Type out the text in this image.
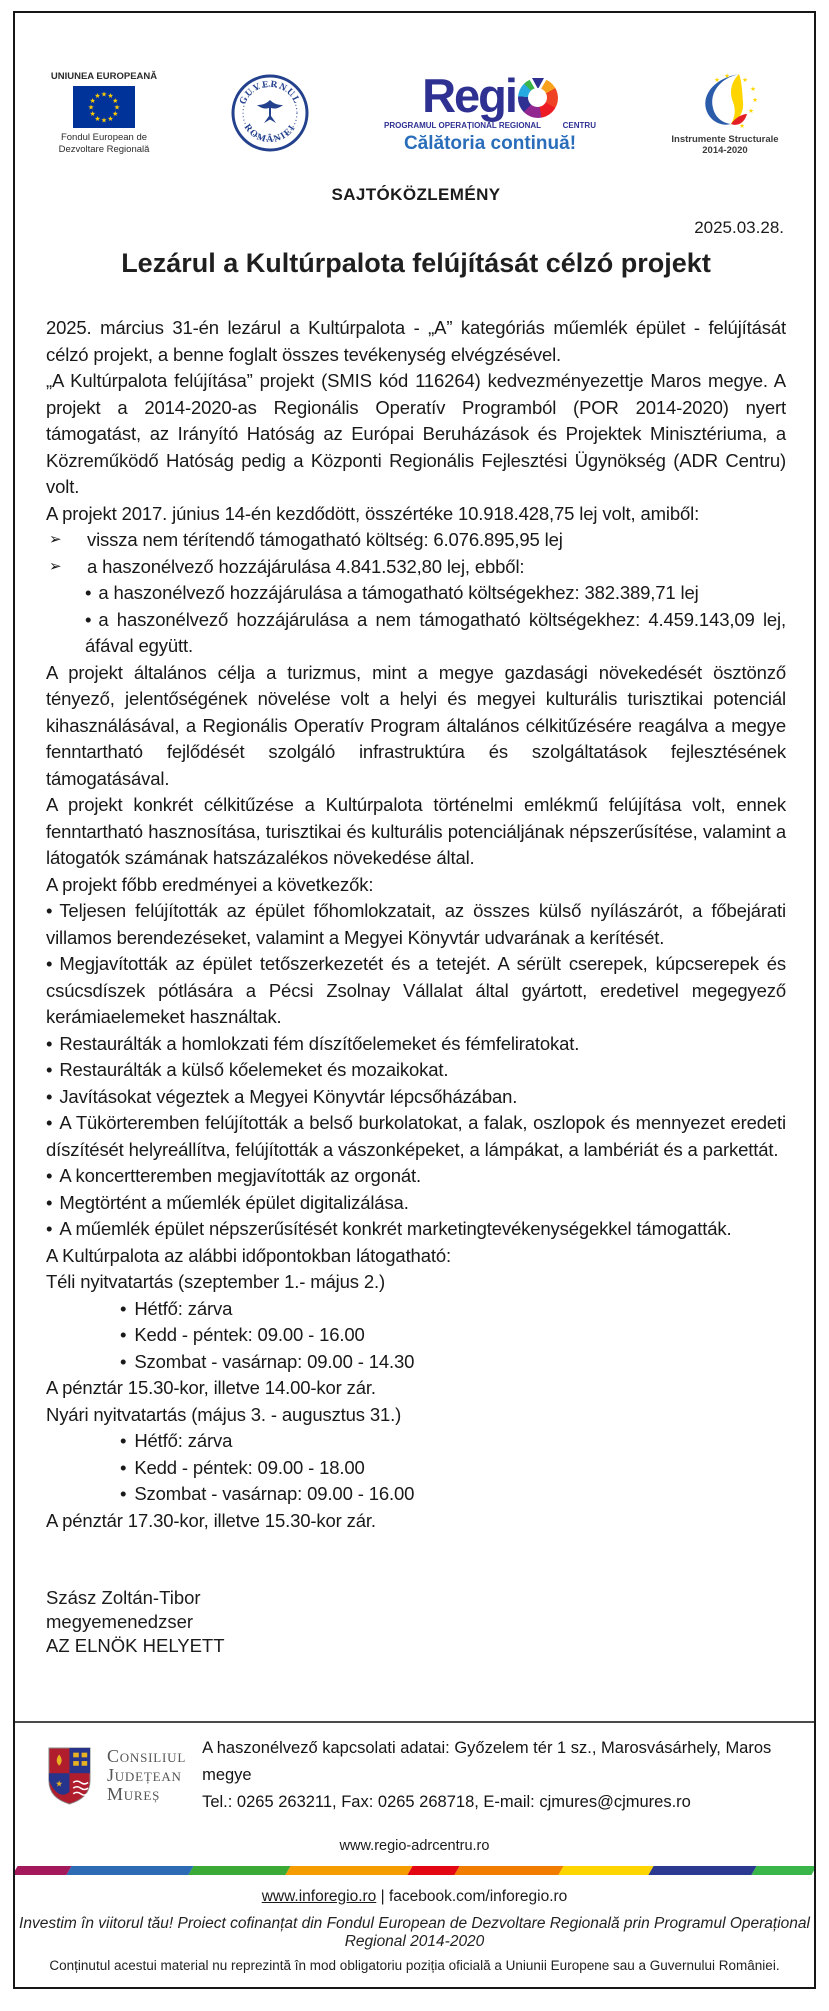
UNIUNEA EUROPEANĂ
★ ★
★
★
★
★
★
★
★
★
★
★
Fondul European de
Dezvoltare Regională
GUVERNUL
ROMÂNIEI
Regi
PROGRAMUL OPERAȚIONAL REGIONAL	CENTRU
Călătoria continuă!
★ ★
★
★
★
★
★
Instrumente Structurale
2014-2020
SAJTÓKÖZLEMÉNY
2025.03.28.
Lezárul a Kultúrpalota felújítását célzó projekt

2025. március 31-én lezárul a Kultúrpalota - „A” kategóriás műemlék épület - felújítását célzó projekt, a benne foglalt összes tevékenység elvégzésével.

„A Kultúrpalota felújítása” projekt (SMIS kód 116264) kedvezményezettje Maros megye. A projekt a 2014-2020-as Regionális Operatív Programból (POR 2014-2020) nyert támogatást, az Irányító Hatóság az Európai Beruházások és Projektek Minisztériuma, a Közreműködő Hatóság pedig a Központi Regionális Fejlesztési Ügynökség (ADR Centru) volt.

A projekt 2017. június 14-én kezdődött, összértéke 10.918.428,75 lej volt, amiből:

➢	vissza nem térítendő támogatható költség: 6.076.895,95 lej
➢	a haszonélvező hozzájárulása 4.841.532,80 lej, ebből:
• a haszonélvező hozzájárulása a támogatható költségekhez: 382.389,71 lej
• a haszonélvező hozzájárulása a nem támogatható költségekhez: 4.459.143,09 lej, áfával együtt.

A projekt általános célja a turizmus, mint a megye gazdasági növekedését ösztönző tényező, jelentőségének növelése volt a helyi és megyei kulturális turisztikai potenciál kihasználásával, a Regionális Operatív Program általános célkitűzésére reagálva a megye fenntartható fejlődését szolgáló infrastruktúra és szolgáltatások fejlesztésének támogatásával.

A projekt konkrét célkitűzése a Kultúrpalota történelmi emlékmű felújítása volt, ennek fenntartható hasznosítása, turisztikai és kulturális potenciáljának népszerűsítése, valamint a látogatók számának hatszázalékos növekedése által.

A projekt főbb eredményei a következők:

• Teljesen felújították az épület főhomlokzatait, az összes külső nyílászárót, a főbejárati villamos berendezéseket, valamint a Megyei Könyvtár udvarának a kerítését.
• Megjavították az épület tetőszerkezetét és a tetejét. A sérült cserepek, kúpcserepek és csúcsdíszek pótlására a Pécsi Zsolnay Vállalat által gyártott, eredetivel megegyező kerámiaelemeket használtak.
• Restaurálták a homlokzati fém díszítőelemeket és fémfeliratokat.
• Restaurálták a külső kőelemeket és mozaikokat.
• Javításokat végeztek a Megyei Könyvtár lépcsőházában.
• A Tükörteremben felújították a belső burkolatokat, a falak, oszlopok és mennyezet eredeti díszítését helyreállítva, felújították a vászonképeket, a lámpákat, a lambériát és a parkettát.
• A koncertteremben megjavították az orgonát.
• Megtörtént a műemlék épület digitalizálása.
• A műemlék épület népszerűsítését konkrét marketingtevékenységekkel támogatták.

A Kultúrpalota az alábbi időpontokban látogatható:

Téli nyitvatartás (szeptember 1.- május 2.)
• Hétfő: zárva
• Kedd - péntek: 09.00 - 16.00
• Szombat - vasárnap: 09.00 - 14.30
A pénztár 15.30-kor, illetve 14.00-kor zár.
Nyári nyitvatartás (május 3. - augusztus 31.)
• Hétfő: zárva
• Kedd - péntek: 09.00 - 18.00
• Szombat - vasárnap: 09.00 - 16.00
A pénztár 17.30-kor, illetve 15.30-kor zár.
Szász Zoltán-Tibor
megyemenedzser
AZ ELNÖK HELYETT
★
Consiliul
Județean
Mureș
A haszonélvező kapcsolati adatai: Győzelem tér 1 sz., Marosvásárhely, Maros megye
Tel.: 0265 263211, Fax: 0265 268718, E-mail: cjmures@cjmures.ro
www.regio-adrcentru.ro
www.inforegio.ro | facebook.com/inforegio.ro
Investim în viitorul tău! Proiect cofinanțat din Fondul European de Dezvoltare Regională prin Programul Operațional Regional 2014-2020
Conținutul acestui material nu reprezintă în mod obligatoriu poziția oficială a Uniunii Europene sau a Guvernului României.
